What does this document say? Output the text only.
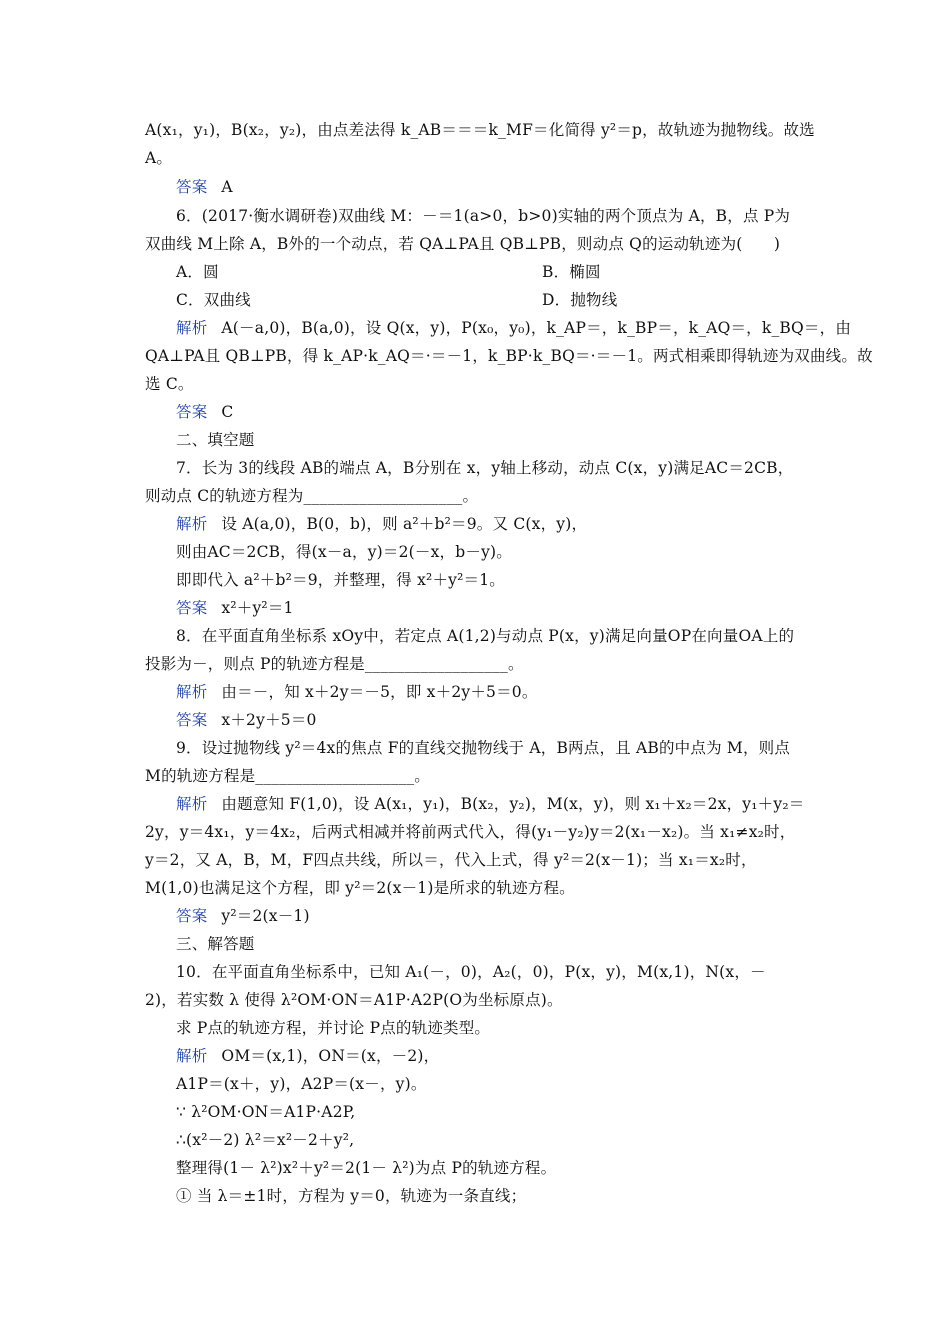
A(x₁，y₁)，B(x₂，y₂)，由点差法得 k_AB＝＝＝k_MF＝化简得 y²＝p，故轨迹为抛物线。故选
A。
答案 A
6．(2017·衡水调研卷)双曲线 M：－＝1(a>0，b>0)实轴的两个顶点为 A，B，点 P为
双曲线 M上除 A，B外的一个动点，若 QA⊥PA且 QB⊥PB，则动点 Q的运动轨迹为(　　)
A．圆	B．椭圆
C．双曲线	D．抛物线
解析 A(－a,0)，B(a,0)，设 Q(x，y)，P(x₀，y₀)，k_AP＝，k_BP＝，k_AQ＝，k_BQ＝，由
QA⊥PA且 QB⊥PB，得 k_AP·k_AQ＝·＝－1，k_BP·k_BQ＝·＝－1。两式相乘即得轨迹为双曲线。故
选 C。
答案 C
二、填空题
7．长为 3的线段 AB的端点 A，B分别在 x，y轴上移动，动点 C(x，y)满足AC＝2CB，
则动点 C的轨迹方程为____________________。
解析 设 A(a,0)，B(0，b)，则 a²＋b²＝9。又 C(x，y)，
则由AC＝2CB，得(x－a，y)＝2(－x，b－y)。
即即代入 a²＋b²＝9，并整理，得 x²＋y²＝1。
答案 x²＋y²＝1
8．在平面直角坐标系 xOy中，若定点 A(1,2)与动点 P(x，y)满足向量OP在向量OA上的
投影为－，则点 P的轨迹方程是__________________。
解析 由＝－，知 x＋2y＝－5，即 x＋2y＋5＝0。
答案 x＋2y＋5＝0
9．设过抛物线 y²＝4x的焦点 F的直线交抛物线于 A，B两点，且 AB的中点为 M，则点
M的轨迹方程是____________________。
解析 由题意知 F(1,0)，设 A(x₁，y₁)，B(x₂，y₂)，M(x，y)，则 x₁＋x₂＝2x，y₁＋y₂＝
2y，y＝4x₁，y＝4x₂，后两式相减并将前两式代入，得(y₁－y₂)y＝2(x₁－x₂)。当 x₁≠x₂时，
y＝2，又 A，B，M，F四点共线，所以＝，代入上式，得 y²＝2(x－1)；当 x₁＝x₂时，
M(1,0)也满足这个方程，即 y²＝2(x－1)是所求的轨迹方程。
答案 y²＝2(x－1)
三、解答题
10．在平面直角坐标系中，已知 A₁(－，0)，A₂(，0)，P(x，y)，M(x,1)，N(x，－
2)，若实数 λ 使得 λ²OM·ON＝A1P·A2P(O为坐标原点)。
求 P点的轨迹方程，并讨论 P点的轨迹类型。
解析 OM＝(x,1)，ON＝(x，－2)，
A1P＝(x＋，y)，A2P＝(x－，y)。
∵ λ²OM·ON＝A1P·A2P,
∴(x²－2) λ²＝x²－2＋y²,
整理得(1－ λ²)x²＋y²＝2(1－ λ²)为点 P的轨迹方程。
① 当 λ＝±1时，方程为 y＝0，轨迹为一条直线；
